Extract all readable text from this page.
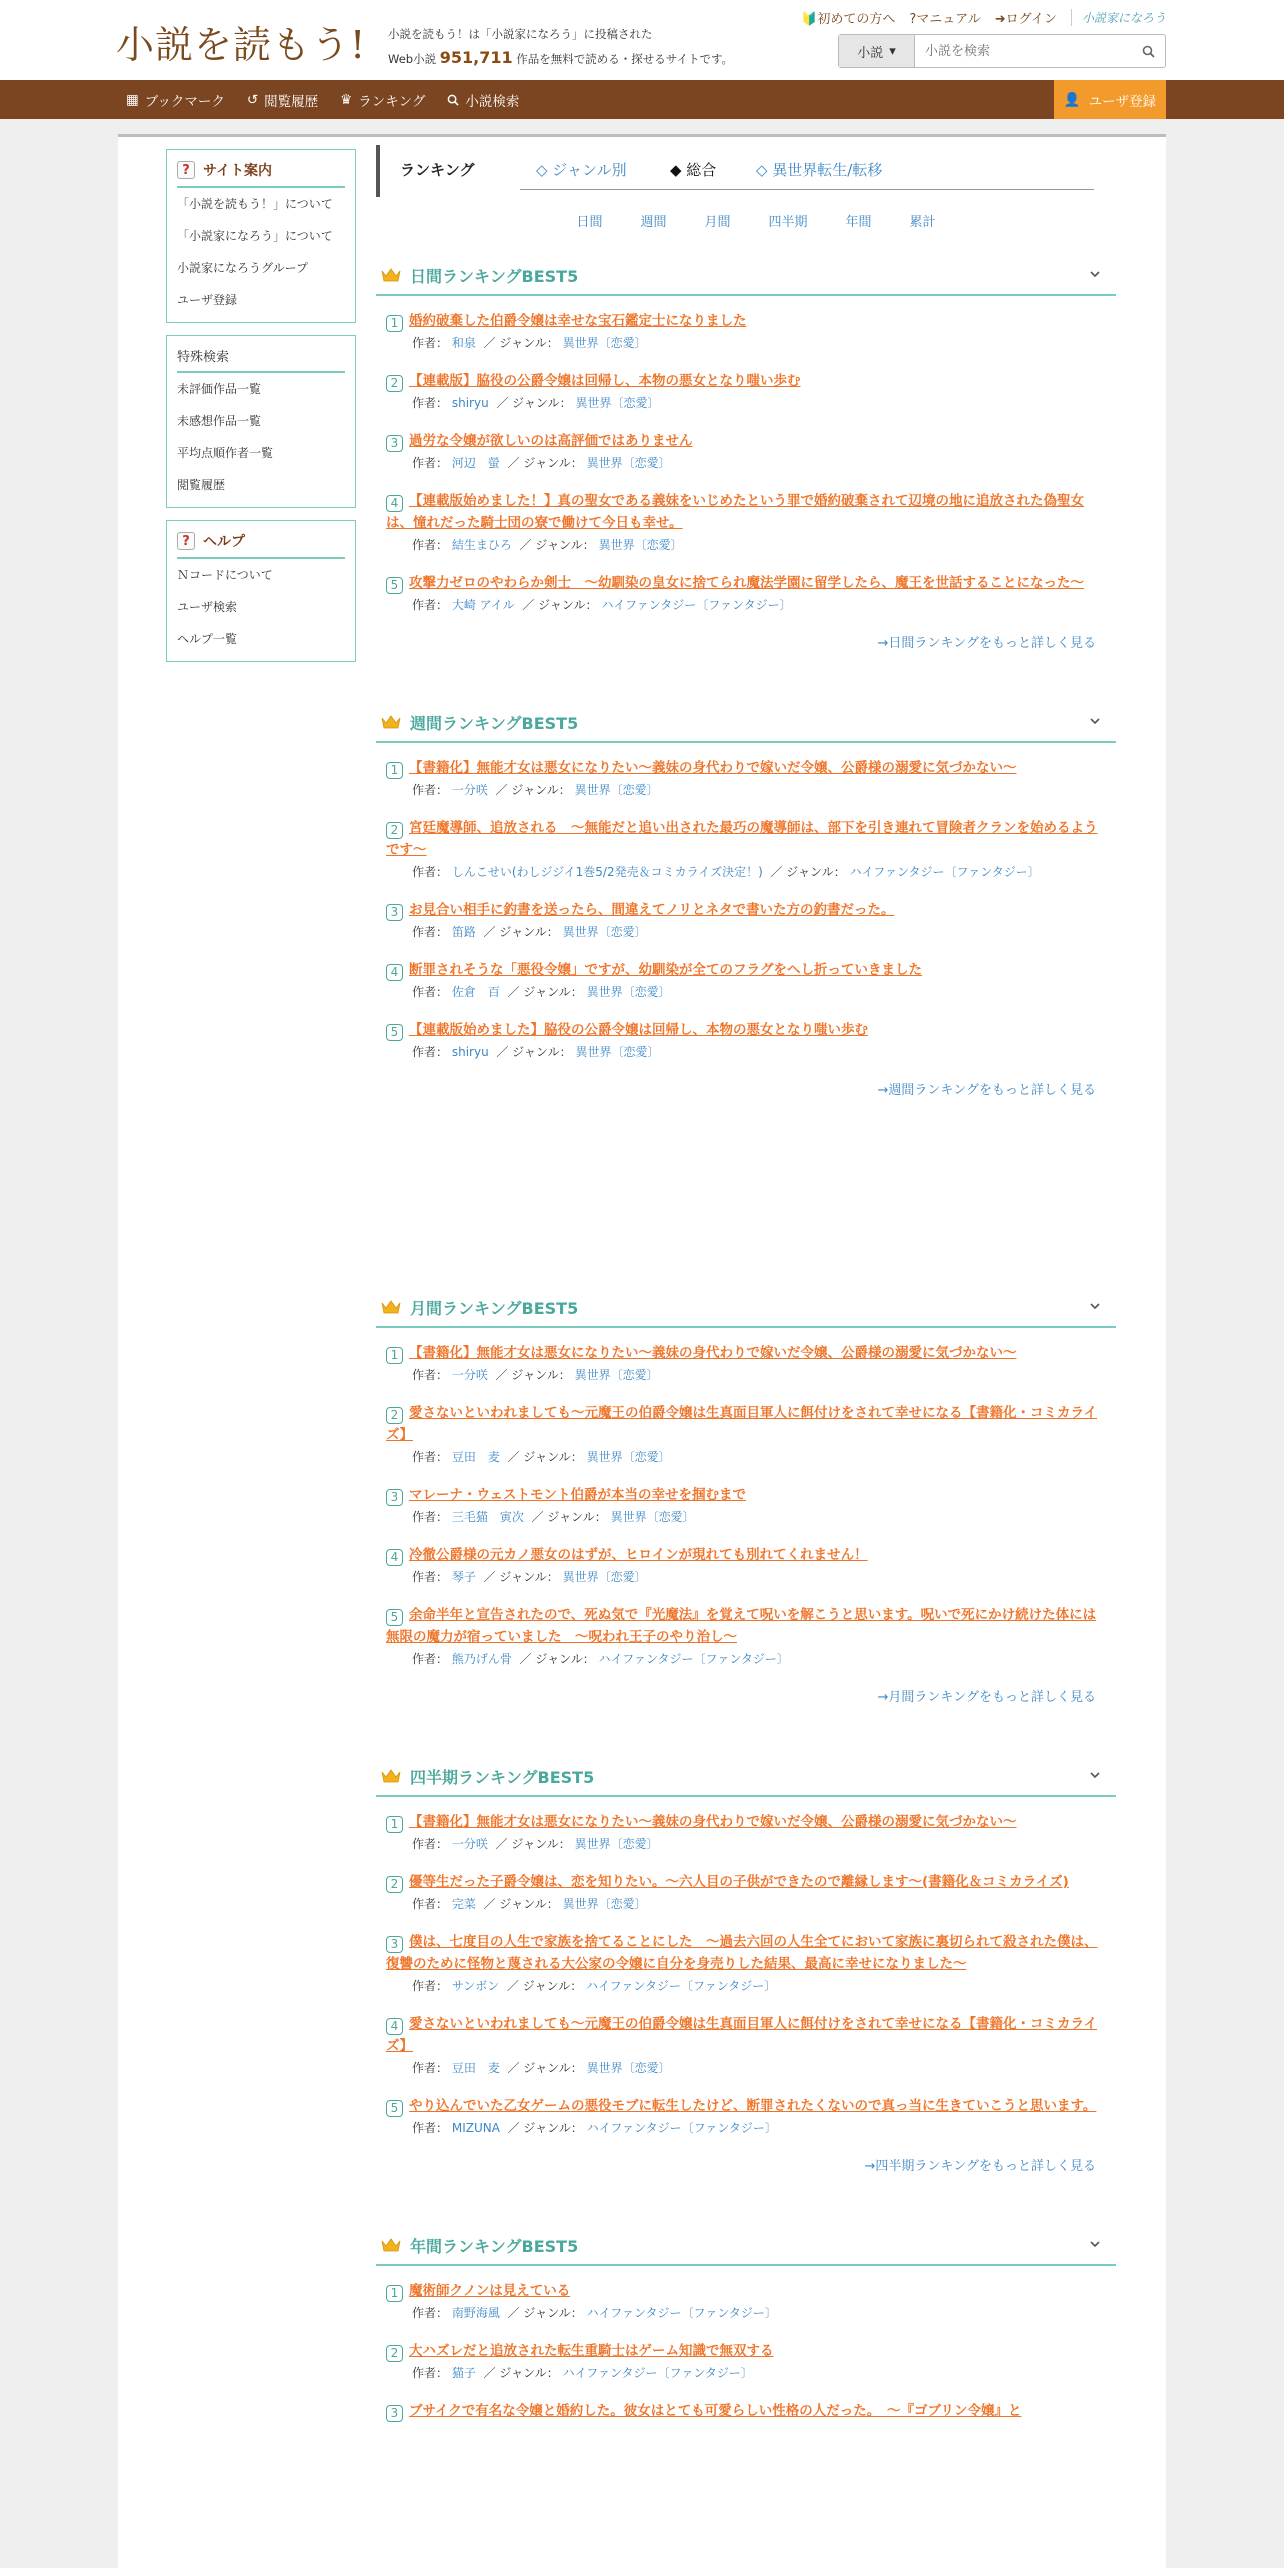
小説を読もう! 小説を読もう！は「小説家になろう」に投稿された
Web小説 951,711 作品を無料で読める・探せるサイトです。
🔰初めての方へ ?マニュアル ➜ログイン	小説家になろう
小説 ▾
小説を検索
▦ ブックマーク ↺ 閲覧履歴 ♛ ランキング	小説検索	👤 ユーザ登録
? サイト案内
「小説を読もう！」について
「小説家になろう」について
小説家になろうグループ
ユーザ登録
特殊検索
未評価作品一覧
未感想作品一覧
平均点順作者一覧
閲覧履歴
? ヘルプ
Ｎコードについて
ユーザ検索
ヘルプ一覧
ランキング	◇ ジャンル別	◆ 総合	◇ 異世界転生/転移
日間	週間	月間	四半期	年間	累計
日間ランキングBEST5
1 婚約破棄した伯爵令嬢は幸せな宝石鑑定士になりました
作者： 和泉 ／ ジャンル： 異世界〔恋愛〕
2 【連載版】脇役の公爵令嬢は回帰し、本物の悪女となり嗤い歩む
作者： shiryu ／ ジャンル： 異世界〔恋愛〕
3 過労な令嬢が欲しいのは高評価ではありません
作者： 河辺　螢 ／ ジャンル： 異世界〔恋愛〕
4 【連載版始めました！】真の聖女である義妹をいじめたという罪で婚約破棄されて辺境の地に追放された偽聖女は、憧れだった騎士団の寮で働けて今日も幸せ。
作者： 結生まひろ ／ ジャンル： 異世界〔恋愛〕
5 攻撃力ゼロのやわらか剣士　～幼馴染の皇女に捨てられ魔法学園に留学したら、魔王を世話することになった～
作者： 大崎 アイル ／ ジャンル： ハイファンタジー〔ファンタジー〕
→日間ランキングをもっと詳しく見る
週間ランキングBEST5
1 【書籍化】無能才女は悪女になりたい～義妹の身代わりで嫁いだ令嬢、公爵様の溺愛に気づかない～
作者： 一分咲 ／ ジャンル： 異世界〔恋愛〕
2 宮廷魔導師、追放される　～無能だと追い出された最巧の魔導師は、部下を引き連れて冒険者クランを始めるようです～
作者： しんこせい(わしジジイ1巻5/2発売＆コミカライズ決定！) ／ ジャンル： ハイファンタジー〔ファンタジー〕
3 お見合い相手に釣書を送ったら、間違えてノリとネタで書いた方の釣書だった。
作者： 笛路 ／ ジャンル： 異世界〔恋愛〕
4 断罪されそうな「悪役令嬢」ですが、幼馴染が全てのフラグをへし折っていきました
作者： 佐倉　百 ／ ジャンル： 異世界〔恋愛〕
5 【連載版始めました】脇役の公爵令嬢は回帰し、本物の悪女となり嗤い歩む
作者： shiryu ／ ジャンル： 異世界〔恋愛〕
→週間ランキングをもっと詳しく見る
月間ランキングBEST5
1 【書籍化】無能才女は悪女になりたい～義妹の身代わりで嫁いだ令嬢、公爵様の溺愛に気づかない～
作者： 一分咲 ／ ジャンル： 異世界〔恋愛〕
2 愛さないといわれましても～元魔王の伯爵令嬢は生真面目軍人に餌付けをされて幸せになる【書籍化・コミカライズ】
作者： 豆田　麦 ／ ジャンル： 異世界〔恋愛〕
3 マレーナ・ウェストモント伯爵が本当の幸せを掴むまで
作者： 三毛猫　寅次 ／ ジャンル： 異世界〔恋愛〕
4 冷徹公爵様の元カノ悪女のはずが、ヒロインが現れても別れてくれません！
作者： 琴子 ／ ジャンル： 異世界〔恋愛〕
5 余命半年と宣告されたので、死ぬ気で『光魔法』を覚えて呪いを解こうと思います。呪いで死にかけ続けた体には無限の魔力が宿っていました　～呪われ王子のやり治し～
作者： 熊乃げん骨 ／ ジャンル： ハイファンタジー〔ファンタジー〕
→月間ランキングをもっと詳しく見る
四半期ランキングBEST5
1 【書籍化】無能才女は悪女になりたい～義妹の身代わりで嫁いだ令嬢、公爵様の溺愛に気づかない～
作者： 一分咲 ／ ジャンル： 異世界〔恋愛〕
2 優等生だった子爵令嬢は、恋を知りたい。～六人目の子供ができたので離縁します～(書籍化＆コミカライズ)
作者： 完菜 ／ ジャンル： 異世界〔恋愛〕
3 僕は、七度目の人生で家族を捨てることにした　～過去六回の人生全てにおいて家族に裏切られて殺された僕は、復讐のために怪物と蔑される大公家の令嬢に自分を身売りした結果、最高に幸せになりました～
作者： サンボン ／ ジャンル： ハイファンタジー〔ファンタジー〕
4 愛さないといわれましても～元魔王の伯爵令嬢は生真面目軍人に餌付けをされて幸せになる【書籍化・コミカライズ】
作者： 豆田　麦 ／ ジャンル： 異世界〔恋愛〕
5 やり込んでいた乙女ゲームの悪役モブに転生したけど、断罪されたくないので真っ当に生きていこうと思います。
作者： MIZUNA ／ ジャンル： ハイファンタジー〔ファンタジー〕
→四半期ランキングをもっと詳しく見る
年間ランキングBEST5
1 魔術師クノンは見えている
作者： 南野海風 ／ ジャンル： ハイファンタジー〔ファンタジー〕
2 大ハズレだと追放された転生重騎士はゲーム知識で無双する
作者： 猫子 ／ ジャンル： ハイファンタジー〔ファンタジー〕
3 ブサイクで有名な令嬢と婚約した。彼女はとても可愛らしい性格の人だった。　～『ゴブリン令嬢』と
